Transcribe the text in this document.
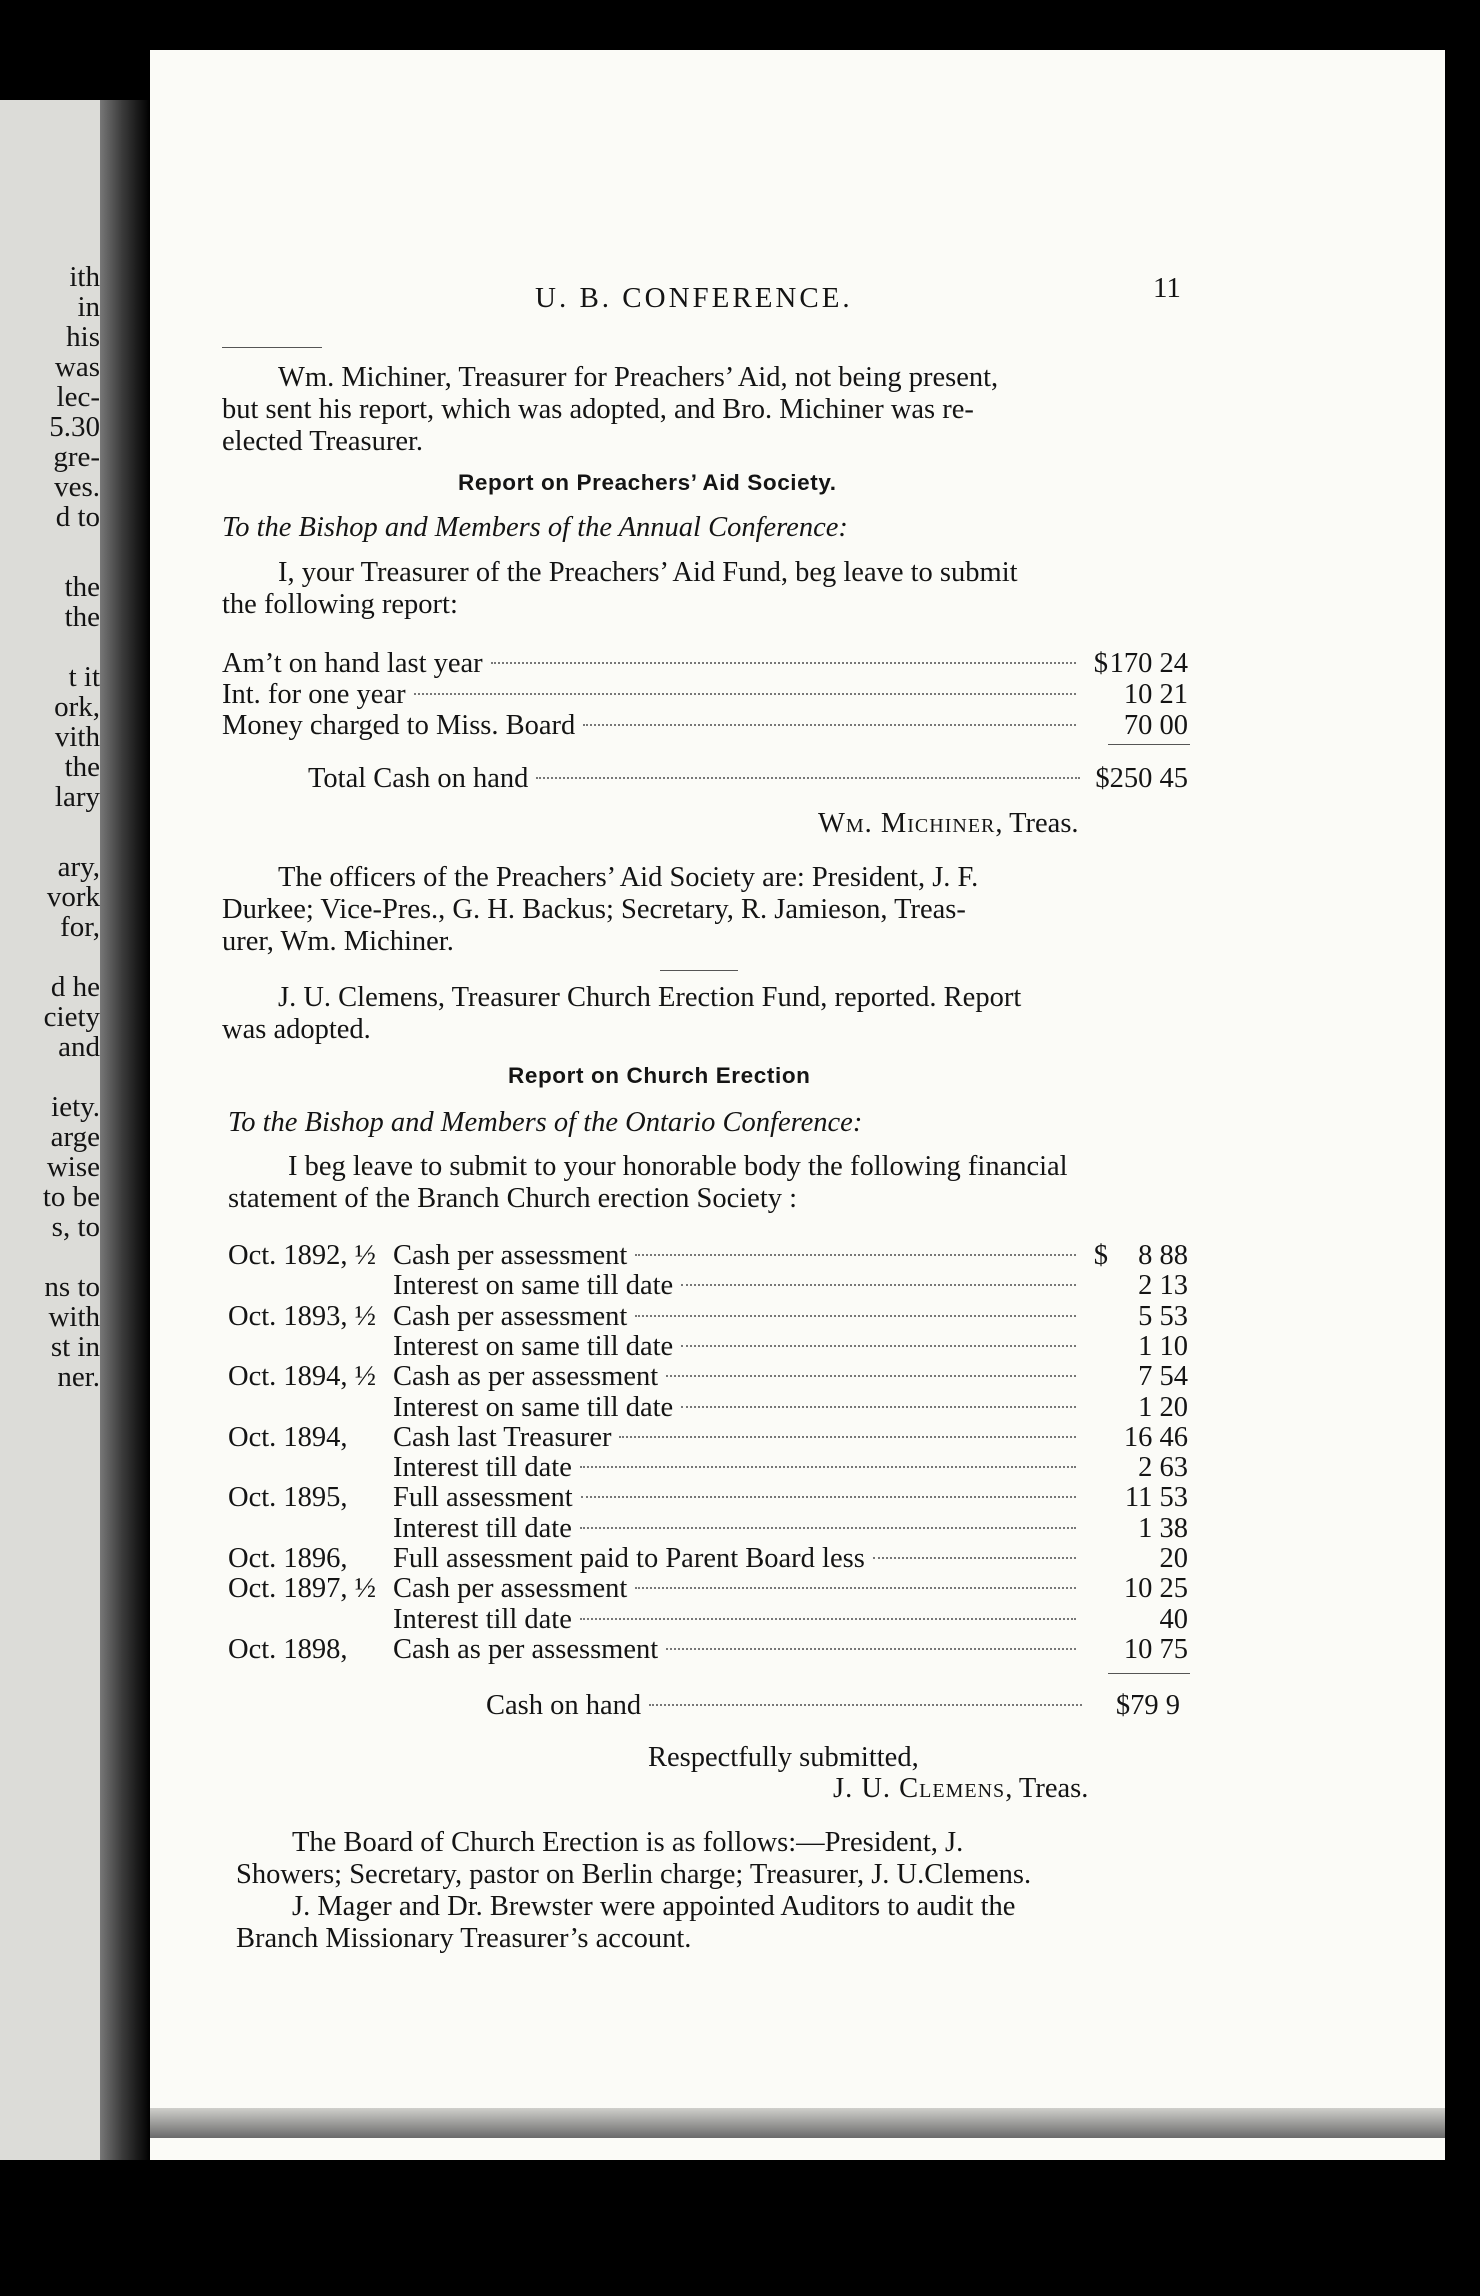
ith
in
his
was
lec-
5.30
gre-
ves.
d to
the
the
t it
ork,
vith
the
lary
ary,
vork
for,
d he
ciety
and
iety.
arge
wise
to be
s, to
ns to
with
st in
ner.
U. B. CONFERENCE.	11
Wm. Michiner, Treasurer for Preachers’ Aid, not being present,
but sent his report, which was adopted, and Bro. Michiner was re-
elected Treasurer.
Report on Preachers’ Aid Society.
To the Bishop and Members of the Annual Conference:
I, your Treasurer of the Preachers’ Aid Fund, beg leave to submit
the following report:
Am’t on hand last year	$ 170 24
Int. for one year	10 21
Money charged to Miss. Board	70 00
Total Cash on hand	$250 45
Wm. Michiner, Treas.
The officers of the Preachers’ Aid Society are: President, J. F.
Durkee; Vice-Pres., G. H. Backus; Secretary, R. Jamieson, Treas-
urer, Wm. Michiner.
J. U. Clemens, Treasurer Church Erection Fund, reported. Report
was adopted.
Report on Church Erection
To the Bishop and Members of the Ontario Conference:
I beg leave to submit to your honorable body the following financial
statement of the Branch Church erection Society :
Oct. 1892, ½ Cash per assessment	$	8 88
Interest on same till date	2 13
Oct. 1893, ½ Cash per assessment	5 53
Interest on same till date	1 10
Oct. 1894, ½ Cash as per assessment	7 54
Interest on same till date	1 20
Oct. 1894,	Cash last Treasurer	16 46
Interest till date	2 63
Oct. 1895,	Full assessment	11 53
Interest till date	1 38
Oct. 1896,	Full assessment paid to Parent Board less	20
Oct. 1897, ½ Cash per assessment	10 25
Interest till date	40
Oct. 1898,	Cash as per assessment	10 75
Cash on hand	$79 9
Respectfully submitted,
J. U. Clemens, Treas.
The Board of Church Erection is as follows:—President, J.
Showers; Secretary, pastor on Berlin charge; Treasurer, J. U.Clemens.
J. Mager and Dr. Brewster were appointed Auditors to audit the
Branch Missionary Treasurer’s account.
